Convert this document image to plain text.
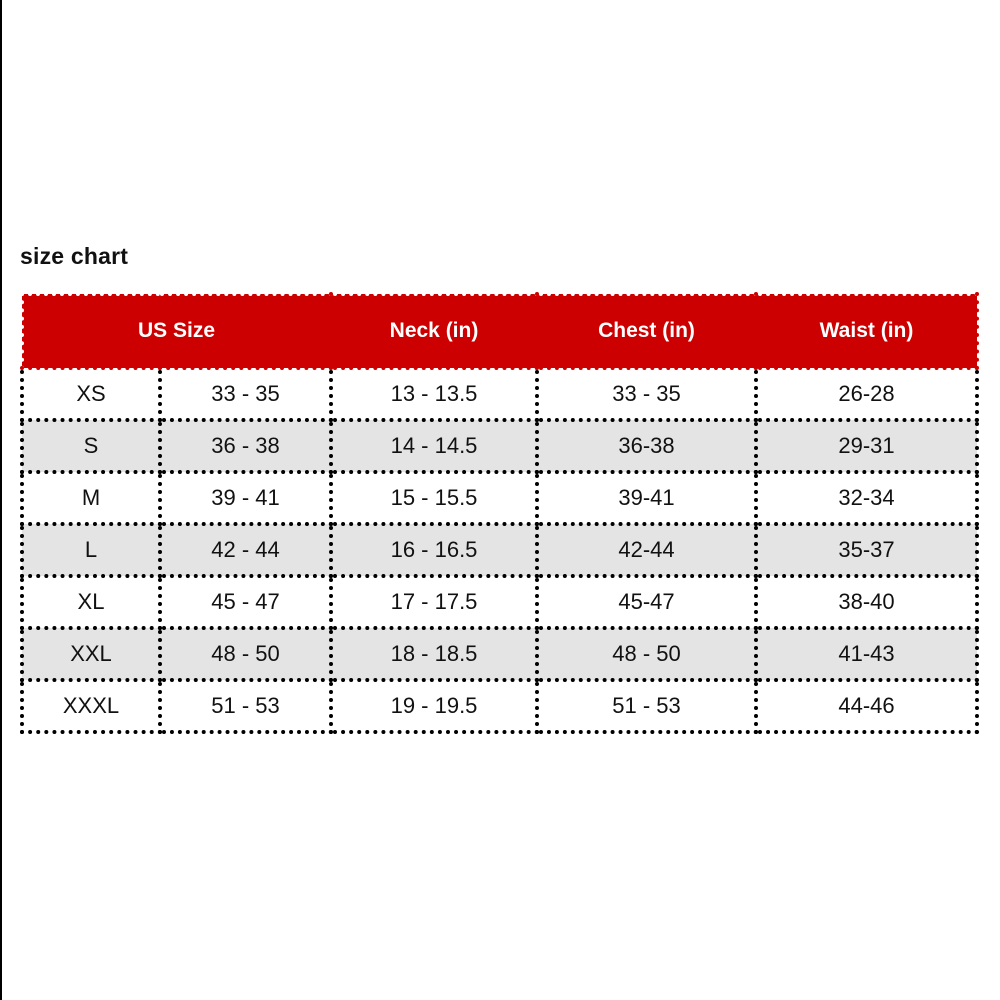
size chart
US Size		Neck (in)	Chest (in)	Waist (in)
XS	33 - 35	13 - 13.5	33 - 35	26-28
S	36 - 38	14 - 14.5	36-38	29-31
M	39 - 41	15 - 15.5	39-41	32-34
L	42 - 44	16 - 16.5	42-44	35-37
XL	45 - 47	17 - 17.5	45-47	38-40
XXL	48 - 50	18 - 18.5	48 - 50	41-43
XXXL	51 - 53	19 - 19.5	51 - 53	44-46
